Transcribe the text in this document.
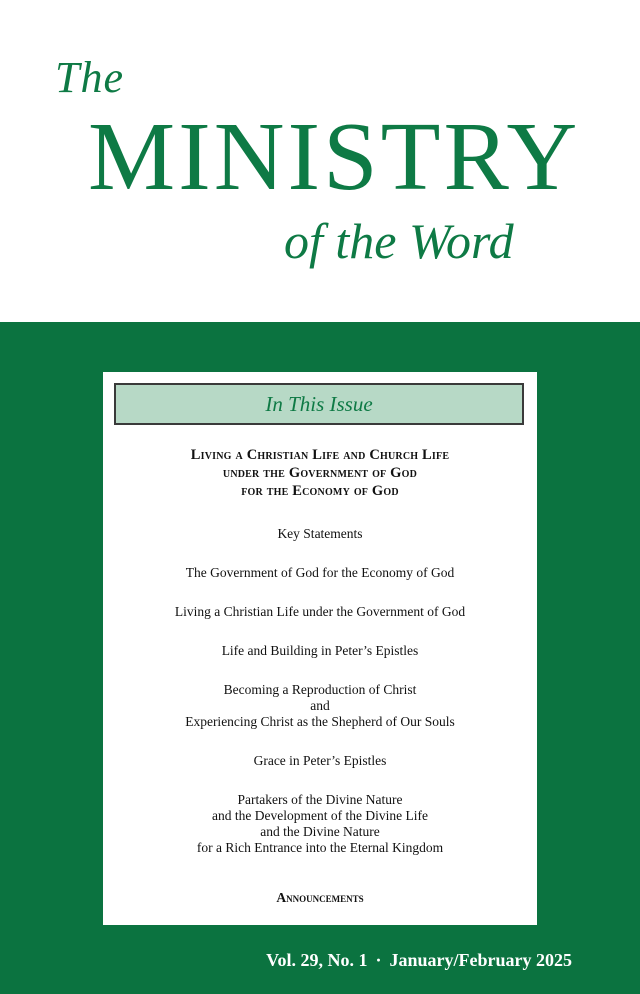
The
MINISTRY
of the Word
In This Issue
Living a Christian Life and Church Life
under the Government of God
for the Economy of God
Key Statements
The Government of God for the Economy of God
Living a Christian Life under the Government of God
Life and Building in Peter’s Epistles
Becoming a Reproduction of Christ
and
Experiencing Christ as the Shepherd of Our Souls
Grace in Peter’s Epistles
Partakers of the Divine Nature
and the Development of the Divine Life
and the Divine Nature
for a Rich Entrance into the Eternal Kingdom
Announcements
Vol. 29, No. 1 · January/February 2025
